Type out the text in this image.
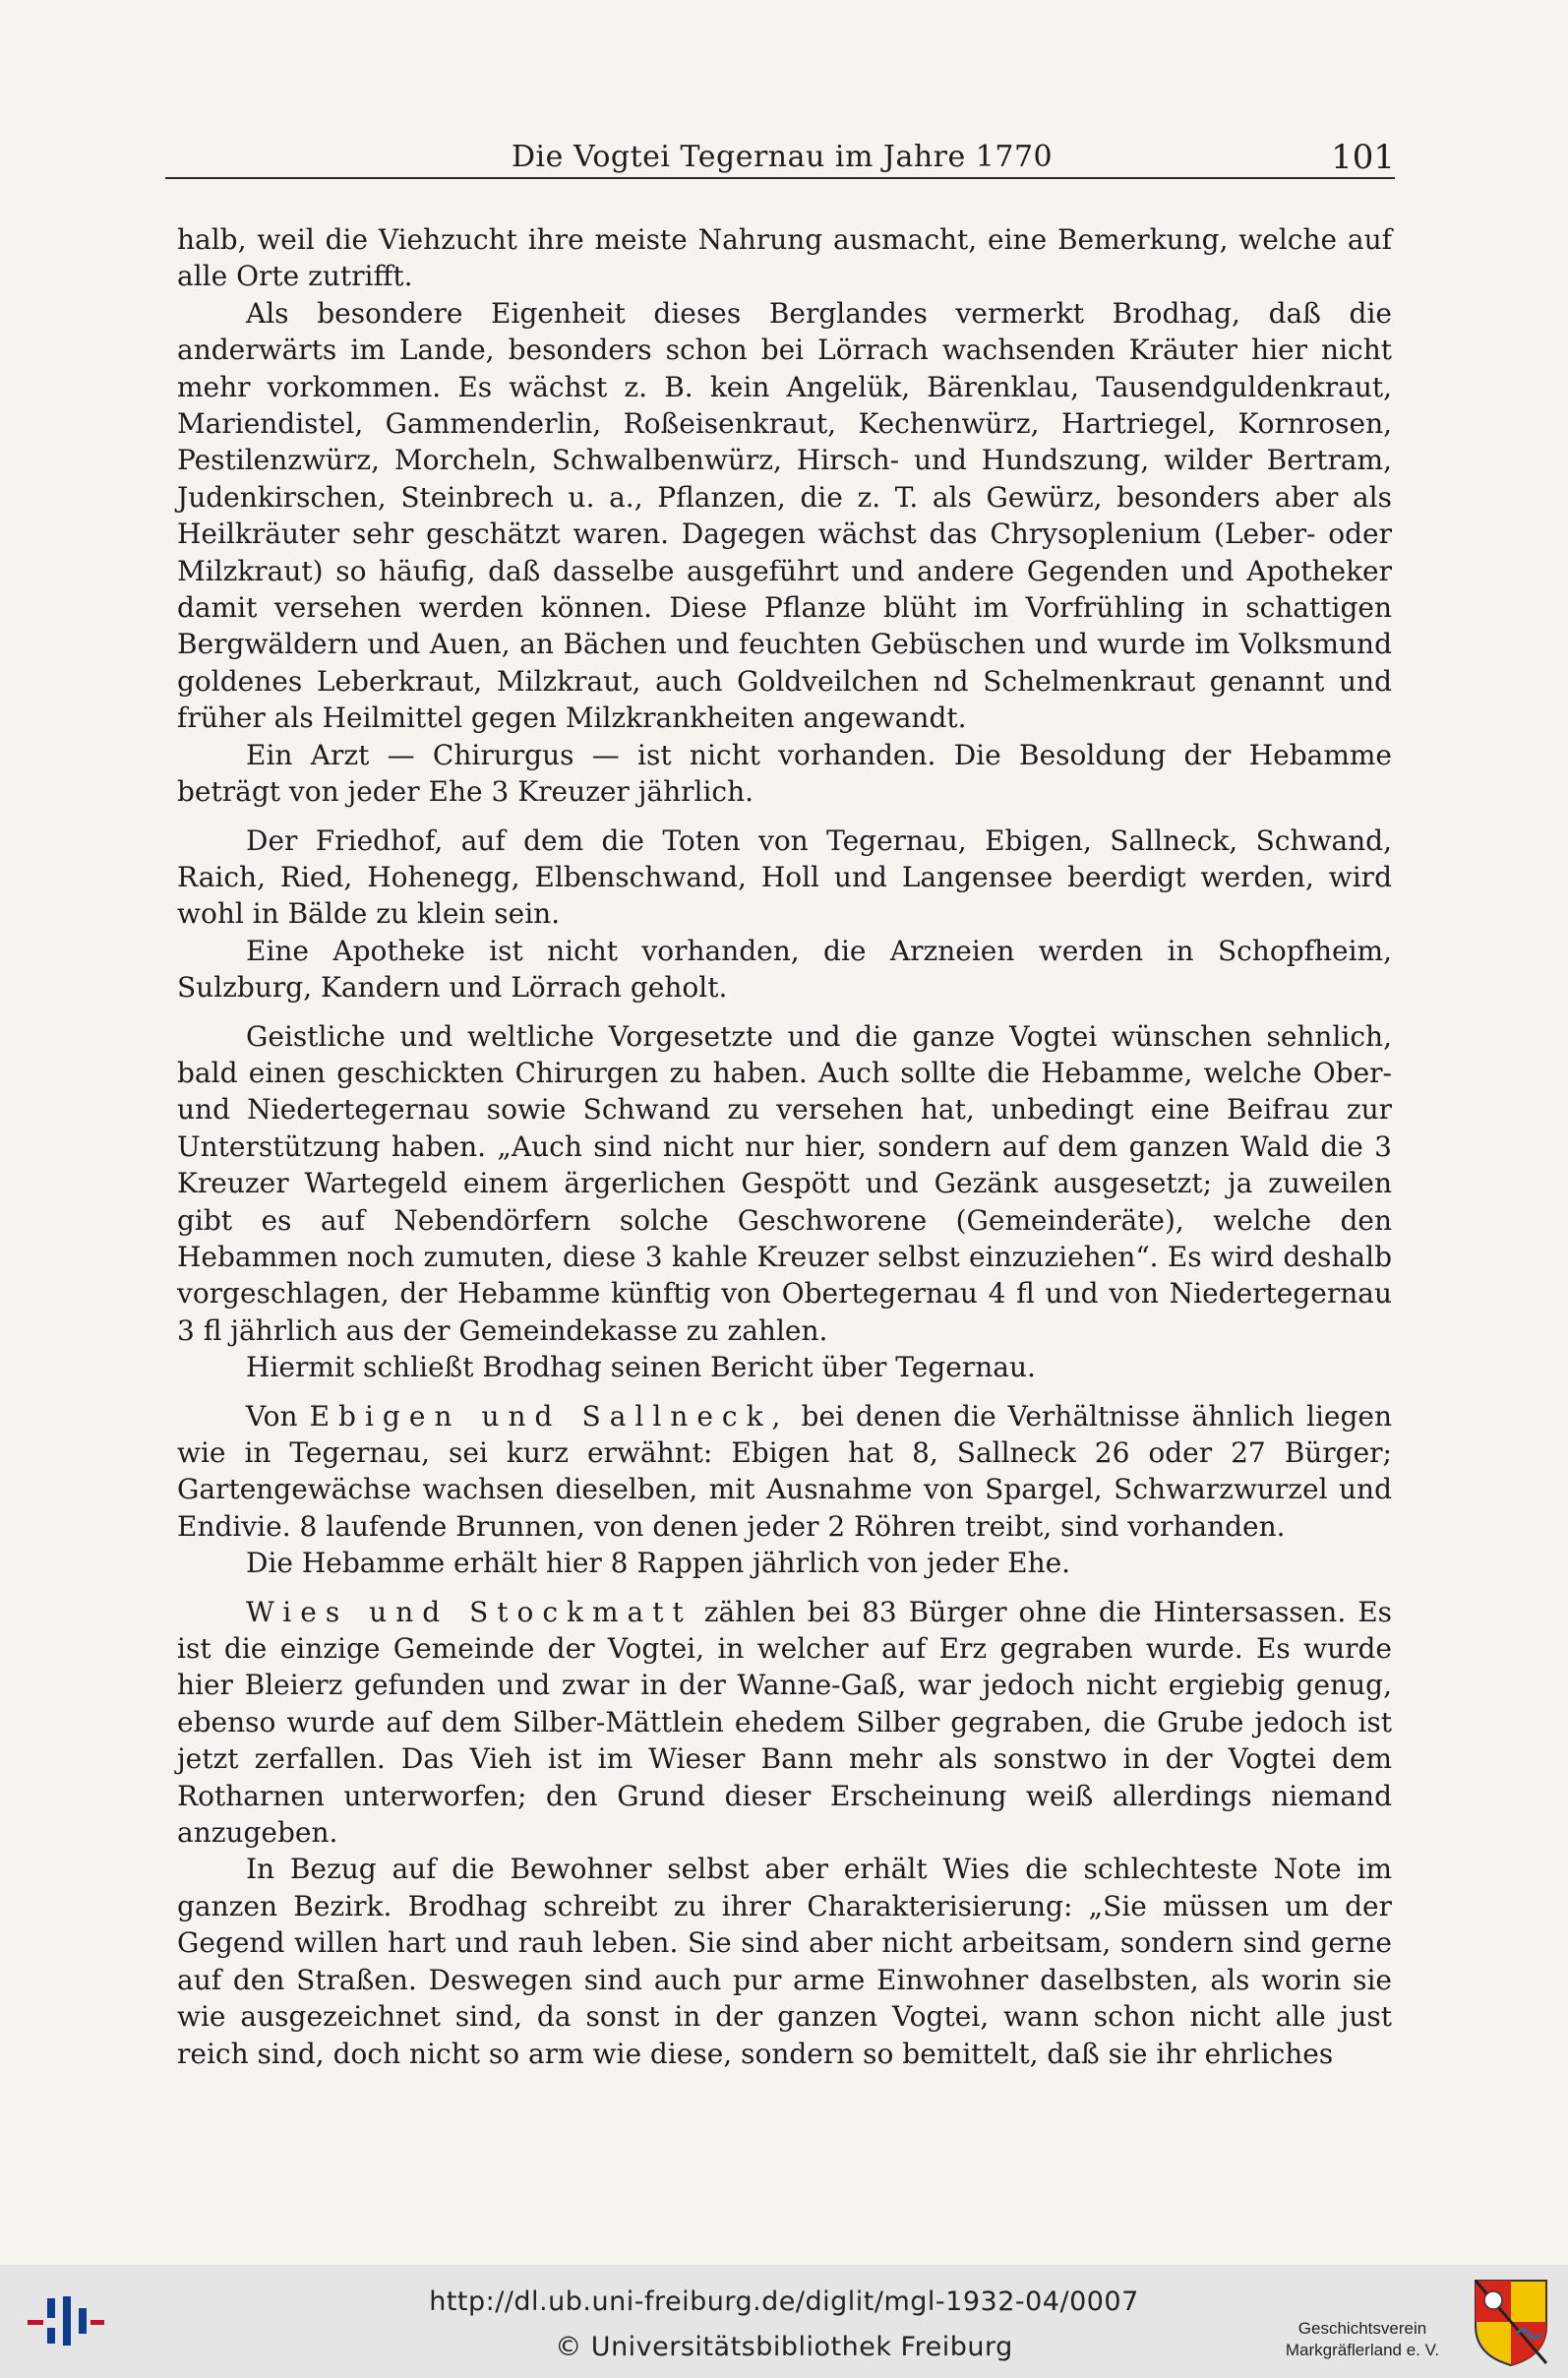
Die Vogtei Tegernau im Jahre 1770	101

halb, weil die Viehzucht ihre meiste Nahrung ausmacht, eine Bemerkung, welche auf alle Orte zutrifft.

Als besondere Eigenheit dieses Berglandes vermerkt Brodhag, daß die anderwärts im Lande, besonders schon bei Lörrach wachsenden Kräuter hier nicht mehr vorkommen. Es wächst z. B. kein Angelük, Bärenklau, Tausendguldenkraut, Mariendistel, Gammenderlin, Roßeisenkraut, Kechenwürz, Hartriegel, Kornrosen, Pestilenzwürz, Morcheln, Schwalbenwürz, Hirsch- und Hundszung, wilder Bertram, Judenkirschen, Steinbrech u. a., Pflanzen, die z. T. als Gewürz, besonders aber als Heilkräuter sehr geschätzt waren. Dagegen wächst das Chrysoplenium (Leber- oder Milzkraut) so häufig, daß dasselbe ausgeführt und andere Gegenden und Apotheker damit versehen werden können. Diese Pflanze blüht im Vorfrühling in schattigen Bergwäldern und Auen, an Bächen und feuchten Gebüschen und wurde im Volksmund goldenes Leberkraut, Milzkraut, auch Goldveilchen nd Schelmenkraut genannt und früher als Heilmittel gegen Milzkrankheiten angewandt.

Ein Arzt — Chirurgus — ist nicht vorhanden. Die Besoldung der Hebamme beträgt von jeder Ehe 3 Kreuzer jährlich.

Der Friedhof, auf dem die Toten von Tegernau, Ebigen, Sallneck, Schwand, Raich, Ried, Hohenegg, Elbenschwand, Holl und Langensee beerdigt werden, wird wohl in Bälde zu klein sein.

Eine Apotheke ist nicht vorhanden, die Arzneien werden in Schopfheim, Sulzburg, Kandern und Lörrach geholt.

Geistliche und weltliche Vorgesetzte und die ganze Vogtei wünschen sehnlich, bald einen geschickten Chirurgen zu haben. Auch sollte die Hebamme, welche Ober- und Niedertegernau sowie Schwand zu versehen hat, unbedingt eine Beifrau zur Unterstützung haben. „Auch sind nicht nur hier, sondern auf dem ganzen Wald die 3 Kreuzer Wartegeld einem ärgerlichen Gespött und Gezänk ausgesetzt; ja zuweilen gibt es auf Nebendörfern solche Geschworene (Gemeinderäte), welche den Hebammen noch zumuten, diese 3 kahle Kreuzer selbst einzuziehen“. Es wird deshalb vorgeschlagen, der Hebamme künftig von Obertegernau 4 fl und von Niedertegernau 3 fl jährlich aus der Gemeindekasse zu zahlen.

Hiermit schließt Brodhag seinen Bericht über Tegernau.

Von Ebigen und Sallneck, bei denen die Verhältnisse ähnlich liegen wie in Tegernau, sei kurz erwähnt: Ebigen hat 8, Sallneck 26 oder 27 Bürger; Gartengewächse wachsen dieselben, mit Ausnahme von Spargel, Schwarzwurzel und Endivie. 8 laufende Brunnen, von denen jeder 2 Röhren treibt, sind vorhanden.

Die Hebamme erhält hier 8 Rappen jährlich von jeder Ehe.

Wies und Stockmatt zählen bei 83 Bürger ohne die Hintersassen. Es ist die einzige Gemeinde der Vogtei, in welcher auf Erz gegraben wurde. Es wurde hier Bleierz gefunden und zwar in der Wanne-Gaß, war jedoch nicht ergiebig genug, ebenso wurde auf dem Silber-Mättlein ehedem Silber gegraben, die Grube jedoch ist jetzt zerfallen. Das Vieh ist im Wieser Bann mehr als sonstwo in der Vogtei dem Rotharnen unterworfen; den Grund dieser Erscheinung weiß allerdings niemand anzugeben.

In Bezug auf die Bewohner selbst aber erhält Wies die schlechteste Note im ganzen Bezirk. Brodhag schreibt zu ihrer Charakterisierung: „Sie müssen um der Gegend willen hart und rauh leben. Sie sind aber nicht arbeitsam, sondern sind gerne auf den Straßen. Deswegen sind auch pur arme Einwohner daselbsten, als worin sie wie ausgezeichnet sind, da sonst in der ganzen Vogtei, wann schon nicht alle just reich sind, doch nicht so arm wie diese, sondern so bemittelt, daß sie ihr ehrliches

http://dl.ub.uni-freiburg.de/diglit/mgl-1932-04/0007
© Universitätsbibliothek Freiburg
Geschichtsverein
Markgräflerland e. V.
